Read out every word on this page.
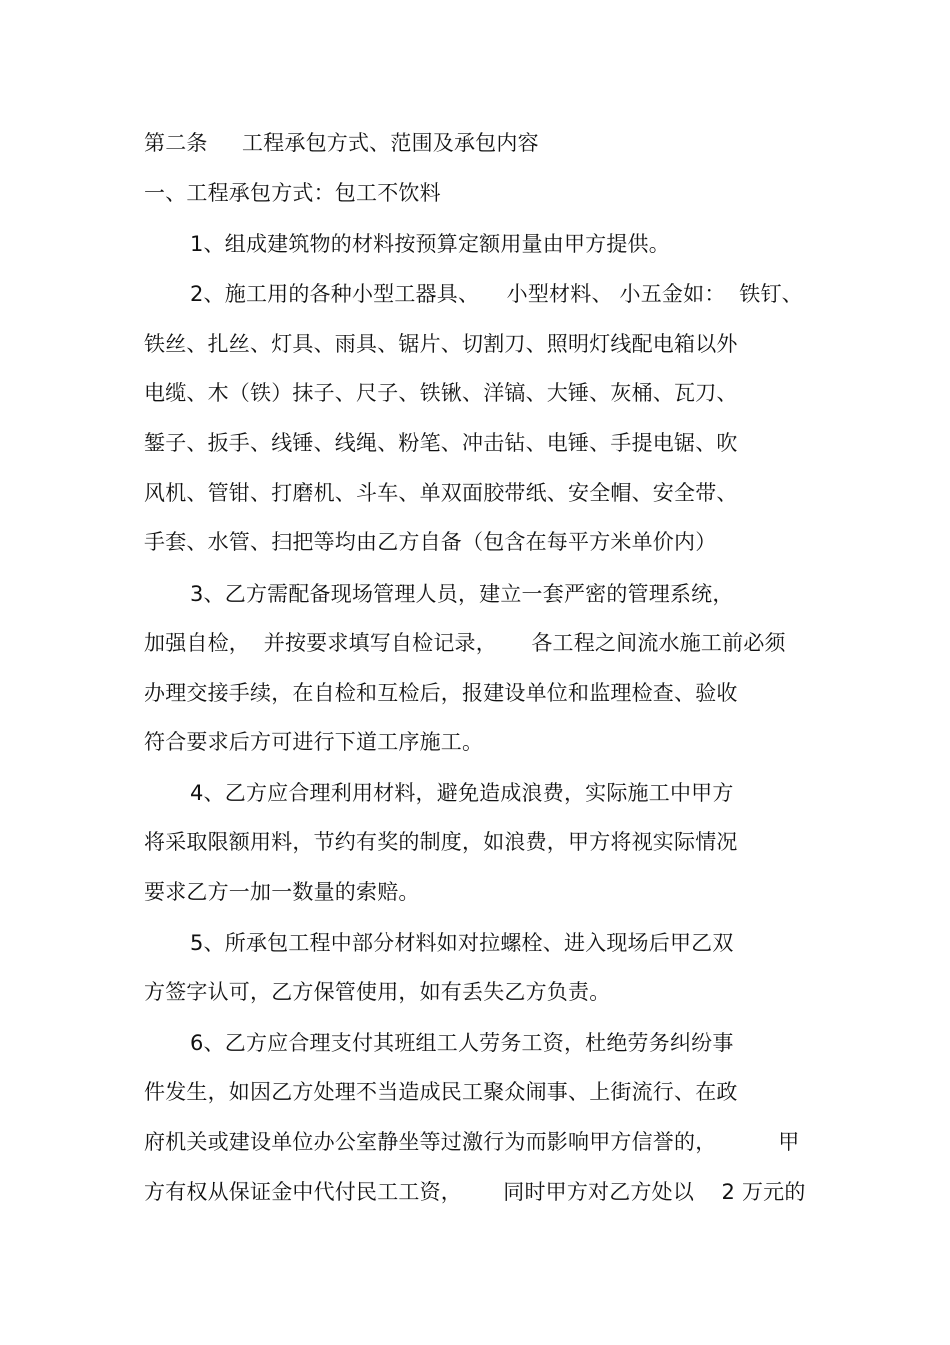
第二条     工程承包方式、范围及承包内容
一、工程承包方式：包工不饮料
1、组成建筑物的材料按预算定额用量由甲方提供。
2、施工用的各种小型工器具、    小型材料、 小五金如：  铁钉、
铁丝、扎丝、灯具、雨具、锯片、切割刀、照明灯线配电箱以外
电缆、木（铁）抹子、尺子、铁锹、洋镐、大锤、灰桶、瓦刀、
錾子、扳手、线锤、线绳、粉笔、冲击钻、电锤、手提电锯、吹
风机、管钳、打磨机、斗车、单双面胶带纸、安全帽、安全带、
手套、水管、扫把等均由乙方自备（包含在每平方米单价内）
3、乙方需配备现场管理人员，建立一套严密的管理系统，
加强自检，  并按要求填写自检记录，     各工程之间流水施工前必须
办理交接手续，在自检和互检后，报建设单位和监理检查、验收
符合要求后方可进行下道工序施工。
4、乙方应合理利用材料，避免造成浪费，实际施工中甲方
将采取限额用料，节约有奖的制度，如浪费，甲方将视实际情况
要求乙方一加一数量的索赔。
5、所承包工程中部分材料如对拉螺栓、进入现场后甲乙双
方签字认可，乙方保管使用，如有丢失乙方负责。
6、乙方应合理支付其班组工人劳务工资，杜绝劳务纠纷事
件发生，如因乙方处理不当造成民工聚众闹事、上街流行、在政
府机关或建设单位办公室静坐等过激行为而影响甲方信誉的，         甲
方有权从保证金中代付民工工资，      同时甲方对乙方处以    2 万元的
